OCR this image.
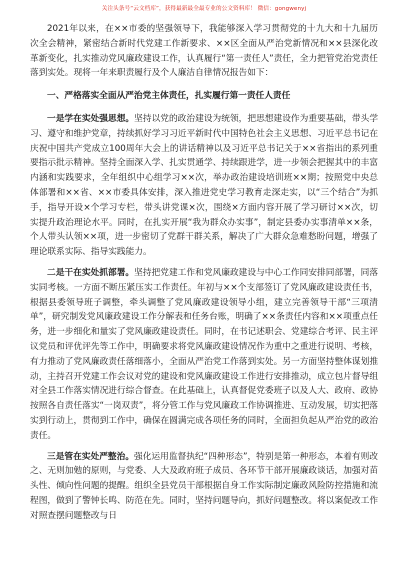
关注头条号“云文档库”，获得最新最全最专业的公文资料库！ 微信：gongwenyj

2021年以来，在××市委的坚强领导下，我能够深入学习贯彻党的十九大和十九届历次全会精神，紧密结合新时代党建工作新要求、××区全面从严治党新情况和××县深化改革新变化，扎实推动党风廉政建设工作，认真履行“第一责任人”责任，全力把管党治党责任落到实处。现将一年来职责履行及个人廉洁自律情况报告如下：

一、严格落实全面从严治党主体责任，扎实履行第一责任人责任

一是学在实处强思想。坚持以党的政治建设为统领，把思想建设作为重要基础，带头学习、遵守和维护党章，持续抓好学习习近平新时代中国特色社会主义思想、习近平总书记在庆祝中国共产党成立100周年大会上的讲话精神以及习近平总书记关于××省指出的系列重要指示批示精神。坚持全面深入学、扎实贯通学、持续跟进学，进一步领会把握其中的丰富内涵和实践要求，全年组织中心组学习××次，举办政治建设培训班××期；按照党中央总体部署和××省、××市委具体安排，深入推进党史学习教育走深走实，以“三个结合”为抓手，指导开设×个学习专栏，带头讲党课×次，围绕×方面内容开展了学习研讨××次，切实提升政治理论水平。同时，在扎实开展“我为群众办实事”，制定县委办实事清单××条，个人带头认领××项，进一步密切了党群干群关系，解决了广大群众急难愁盼问题，增强了理论联系实际、指导实践能力。

二是干在实处抓部署。坚持把党建工作和党风廉政建设与中心工作同安排同部署，同落实同考核。一方面不断压紧压实工作责任。年初与××个支部签订了党风廉政建设责任书，根据县委领导班子调整，牵头调整了党风廉政建设领导小组，建立完善领导干部“三项清单”，研究制发党风廉政建设工作分解表和任务台账，明确了××条责任内容和××项重点任务，进一步细化和量实了党风廉政建设责任。同时，在书记述职会、党建综合考评、民主评议党员和评优评先等工作中，明确要求将党风廉政建设情况作为重中之重进行说明、考核，有力推动了党风廉政责任落细落小，全面从严治党工作落到实处。另一方面坚持整体谋划推动，主持召开党建工作会议对党的建设和党风廉政建设工作进行安排推动，成立包片督导组对全县工作落实情况进行综合督查。在此基础上，认真督促党委班子以及人大、政府、政协按照各自责任落实“一岗双责”，将分管工作与党风廉政工作协调推进、互动发展，切实把落实到行动上，贯彻到工作中，确保在圆满完成各项任务的同时，全面担负起从严治党的政治责任。

三是管在实处严整治。强化运用监督执纪“四种形态”，特别是第一种形态，本着有则改之、无则加勉的原则，与党委、人大及政府班子成员、各环节干部开展廉政谈话，加强对苗头性、倾向性问题的提醒。组织全县党员干部根据自身工作实际制定廉政风险防控措施和流程图，做到了警钟长鸣、防范在先。同时，坚持问题导向，抓好问题整改。将以案促改工作对照查摆问题整改与日
